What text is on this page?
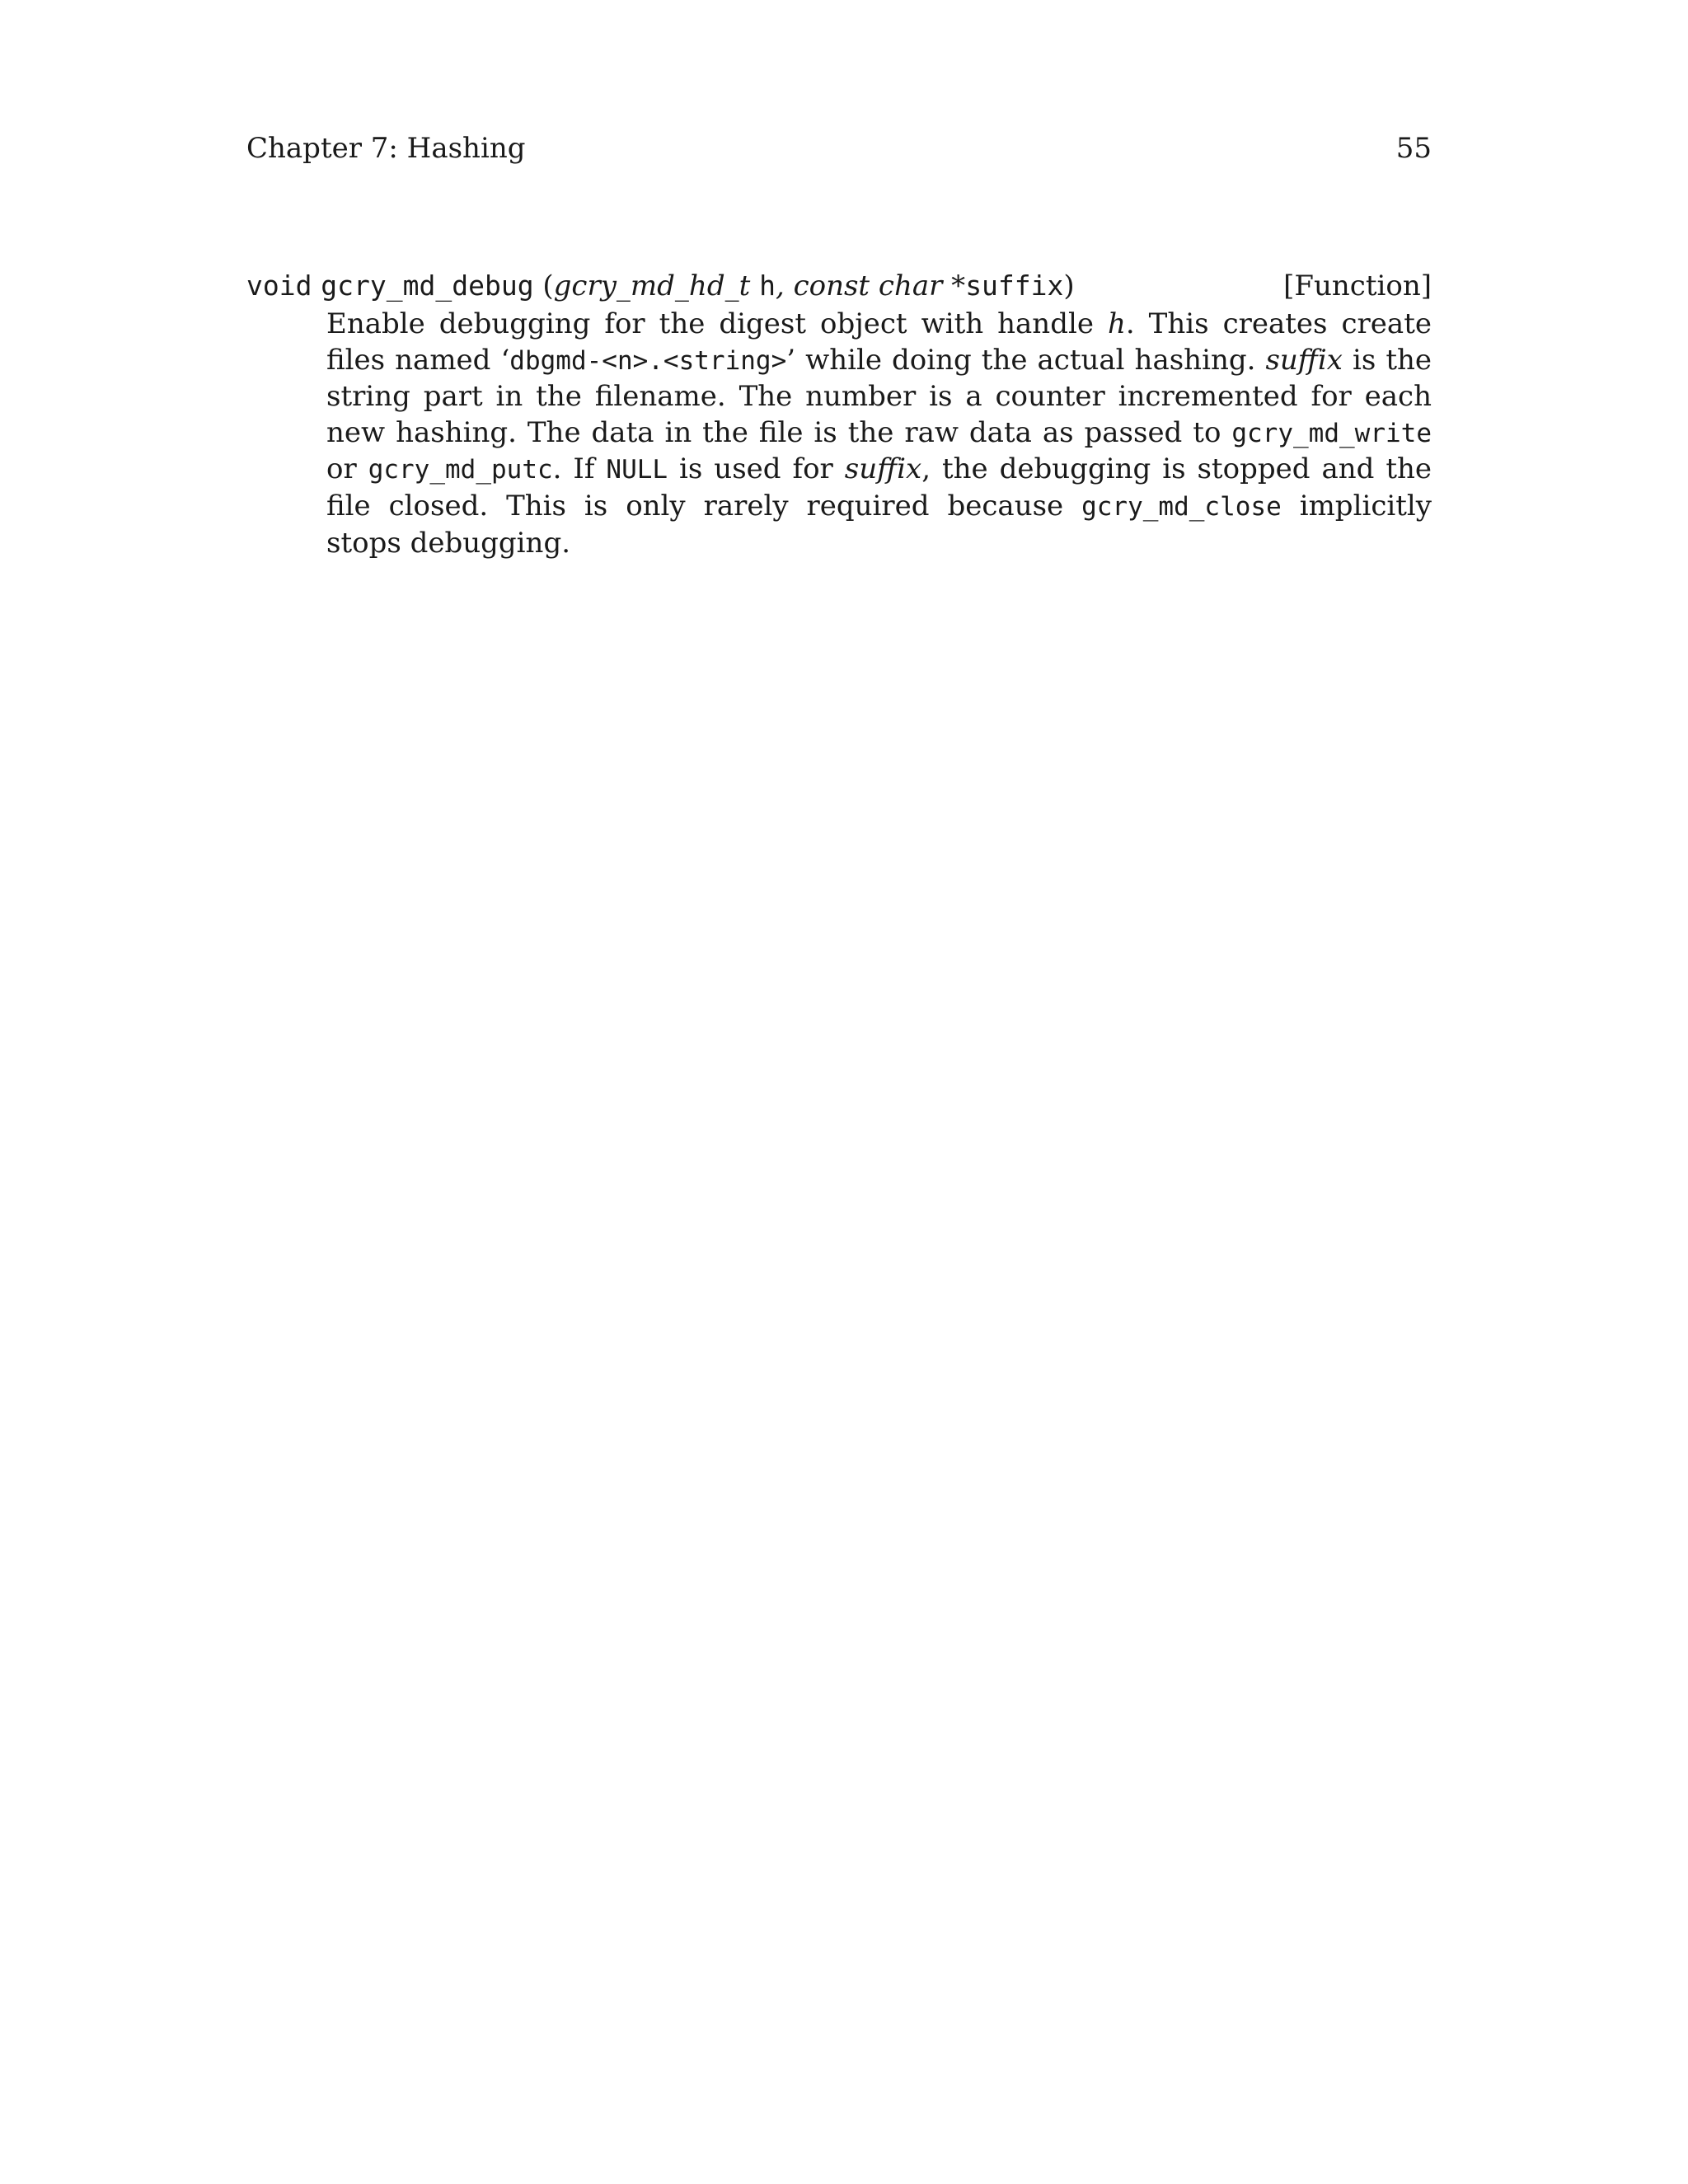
Chapter 7: Hashing	55
void gcry_md_debug (gcry_md_hd_t h, const char *suffix)	[Function]
Enable debugging for the digest object with handle h. This creates create files named ‘dbgmd-<n>.<string>’ while doing the actual hashing. suffix is the string part in the filename. The number is a counter incremented for each new hashing. The data in the file is the raw data as passed to gcry_md_write or gcry_md_putc. If NULL is used for suffix, the debugging is stopped and the file closed. This is only rarely required because gcry_md_close implicitly stops debugging.
